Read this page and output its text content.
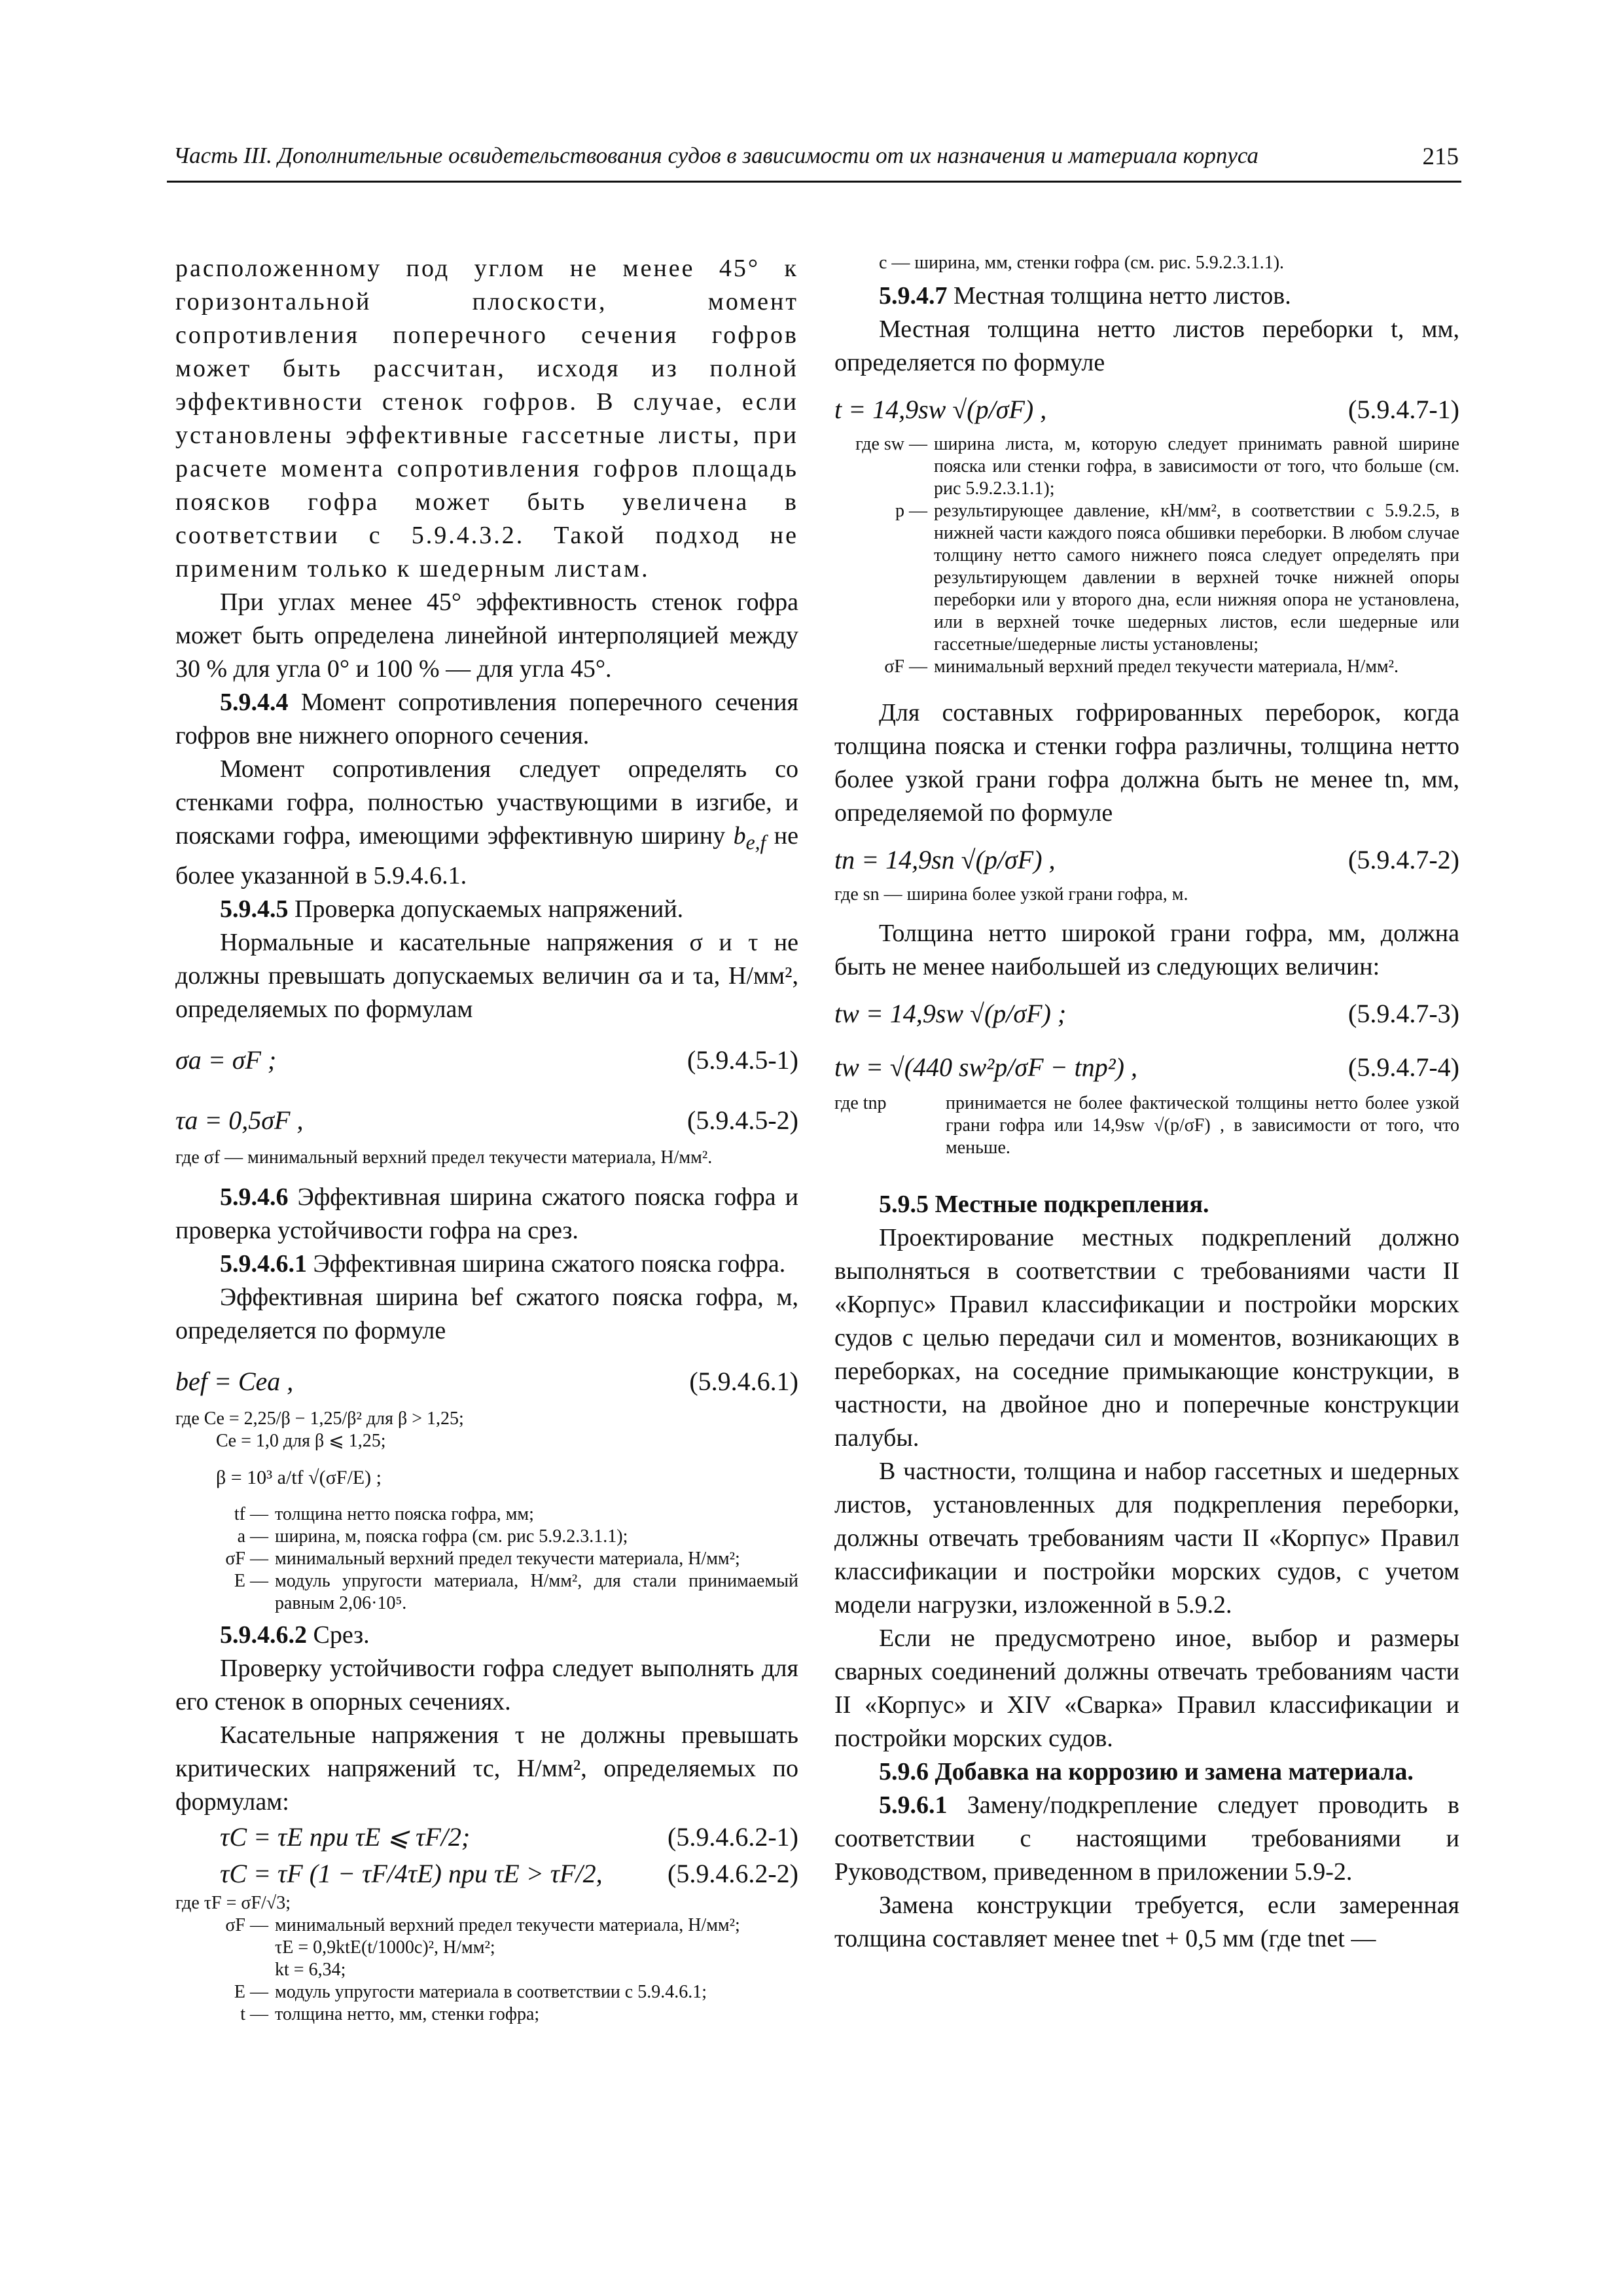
Часть III. Дополнительные освидетельствования судов в зависимости от их назначения и материала корпуса	215

расположенному под углом не менее 45° к горизонтальной плоскости, момент сопротивления поперечного сечения гофров может быть рассчитан, исходя из полной эффективности стенок гофров. В случае, если установлены эффективные гассетные листы, при расчете момента сопротивления гофров площадь поясков гофра может быть увеличена в соответствии с 5.9.4.3.2. Такой подход не применим только к шедерным листам.

При углах менее 45° эффективность стенок гофра может быть определена линейной интерполяцией между 30 % для угла 0° и 100 % — для угла 45°.

5.9.4.4 Момент сопротивления поперечного сечения гофров вне нижнего опорного сечения.

Момент сопротивления следует определять со стенками гофра, полностью участвующими в изгибе, и поясками гофра, имеющими эффективную ширину $b_{e,f}$ не более указанной в 5.9.4.6.1.

5.9.4.5 Проверка допускаемых напряжений.

Нормальные и касательные напряжения σ и τ не должны превышать допускаемых величин σa и τa, Н/мм², определяемых по формулам

σa = σF ;	(5.9.4.5-1)
τa = 0,5σF ,	(5.9.4.5-2)

где σf — минимальный верхний предел текучести материала, Н/мм².

5.9.4.6 Эффективная ширина сжатого пояска гофра и проверка устойчивости гофра на срез.

5.9.4.6.1 Эффективная ширина сжатого пояска гофра.

Эффективная ширина bef сжатого пояска гофра, м, определяется по формуле

bef = Cea ,	(5.9.4.6.1)

где Ce = 2,25/β − 1,25/β² для β > 1,25;

Ce = 1,0 для β ⩽ 1,25;

β = 10³ a/tf √(σF/E) ;

tf — толщина нетто пояска гофра, мм;
a — ширина, м, пояска гофра (см. рис 5.9.2.3.1.1);
σF — минимальный верхний предел текучести материала, Н/мм²;
E — модуль упругости материала, Н/мм², для стали принимаемый равным 2,06·10⁵.

5.9.4.6.2 Срез.

Проверку устойчивости гофра следует выполнять для его стенок в опорных сечениях.

Касательные напряжения τ не должны превышать критических напряжений τc, Н/мм², определяемых по формулам:

τC = τE при τE ⩽ τF/2;	(5.9.4.6.2-1)
τC = τF (1 − τF/4τE) при τE > τF/2, (5.9.4.6.2-2)

где τF = σF/√3;

σF — минимальный верхний предел текучести материала, Н/мм²;
τE = 0,9ktE(t/1000c)², Н/мм²;
kt = 6,34;
E — модуль упругости материала в соответствии с 5.9.4.6.1;
t — толщина нетто, мм, стенки гофра;

c — ширина, мм, стенки гофра (см. рис. 5.9.2.3.1.1).

5.9.4.7 Местная толщина нетто листов.

Местная толщина нетто листов переборки t, мм, определяется по формуле

t = 14,9sw √(p/σF) ,	(5.9.4.7-1)
где sw — ширина листа, м, которую следует принимать равной ширине пояска или стенки гофра, в зависимости от того, что больше (см. рис 5.9.2.3.1.1);
p — результирующее давление, кН/мм², в соответствии с 5.9.2.5, в нижней части каждого пояса обшивки переборки. В любом случае толщину нетто самого нижнего пояса следует определять при результирующем давлении в верхней точке нижней опоры переборки или у второго дна, если нижняя опора не установлена, или в верхней точке шедерных листов, если шедерные или гассетные/шедерные листы установлены;
σF — минимальный верхний предел текучести материала, Н/мм².

Для составных гофрированных переборок, когда толщина пояска и стенки гофра различны, толщина нетто более узкой грани гофра должна быть не менее tn, мм, определяемой по формуле

tn = 14,9sn √(p/σF) ,	(5.9.4.7-2)

где sn — ширина более узкой грани гофра, м.

Толщина нетто широкой грани гофра, мм, должна быть не менее наибольшей из следующих величин:

tw = 14,9sw √(p/σF) ;	(5.9.4.7-3)
tw = √(440 sw²p/σF − tnp²) ,	(5.9.4.7-4)
где tnp	принимается не более фактической толщины нетто более узкой грани гофра или 14,9sw √(p/σF) , в зависимости от того, что меньше.

5.9.5 Местные подкрепления.

Проектирование местных подкреплений должно выполняться в соответствии с требованиями части II «Корпус» Правил классификации и постройки морских судов с целью передачи сил и моментов, возникающих в переборках, на соседние примыкающие конструкции, в частности, на двойное дно и поперечные конструкции палубы.

В частности, толщина и набор гассетных и шедерных листов, установленных для подкрепления переборки, должны отвечать требованиям части II «Корпус» Правил классификации и постройки морских судов, с учетом модели нагрузки, изложенной в 5.9.2.

Если не предусмотрено иное, выбор и размеры сварных соединений должны отвечать требованиям части II «Корпус» и XIV «Сварка» Правил классификации и постройки морских судов.

5.9.6 Добавка на коррозию и замена материала.

5.9.6.1 Замену/подкрепление следует проводить в соответствии с настоящими требованиями и Руководством, приведенном в приложении 5.9-2.

Замена конструкции требуется, если замеренная толщина составляет менее tnet + 0,5 мм (где tnet —
